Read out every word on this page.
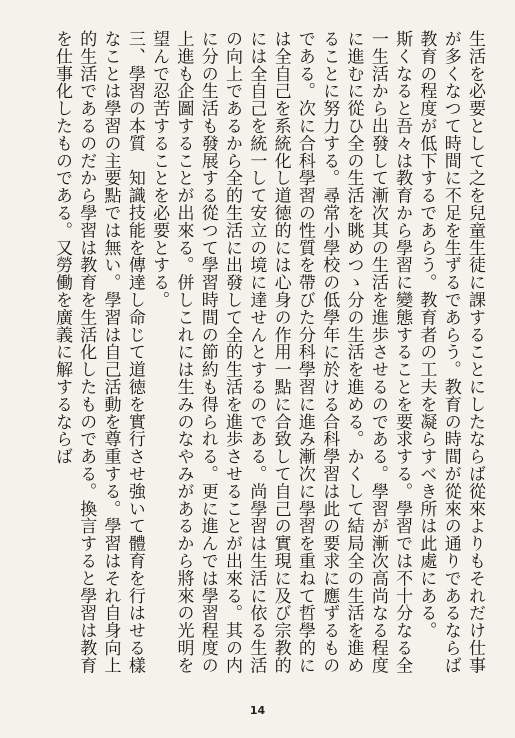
生活を必要として之を兒童生徒に課することにしたならば從來よりもそれだけ仕事が多くなつて時間に不足を生ずるであらう。教育の時間が從來の通りであるならば教育の程度が低下するであらう。教育者の工夫を凝らすべき所は此處にある。

斯くなると吾々は教育から學習に變態することを要求する。學習では不十分なる全一生活から出發して漸次其の生活を進歩させるのである。學習が漸次高尚なる程度に進むに從ひ全の生活を眺めつゝ分の生活を進める。かくして結局全の生活を進めることに努力する。尋常小學校の低學年に於ける合科學習は此の要求に應ずるものである。次に合科學習の性質を帶びた分科學習に進み漸次に學習を重ねて哲學的には全自己を系統化し道徳的には心身の作用一點に合致して自己の實現に及び宗教的には全自己を統一して安立の境に達せんとするのである。尚學習は生活に依る生活の向上であるから全的生活に出發して全的生活を進歩させることが出來る。其の内に分の生活も發展する從つて學習時間の節約も得られる。更に進んでは學習程度の上進も企圖することが出來る。併しこれには生みのなやみがあるから將來の光明を望んで忍苦することを必要とする。

三、學習の本質　知識技能を傳達し命じて道徳を實行させ強いて體育を行はせる樣なことは學習の主要點では無い。學習は自己活動を尊重する。學習はそれ自身向上的生活であるのだから學習は教育を生活化したものである。換言すると學習は教育を仕事化したものである。又勞働を廣義に解するならば

14
